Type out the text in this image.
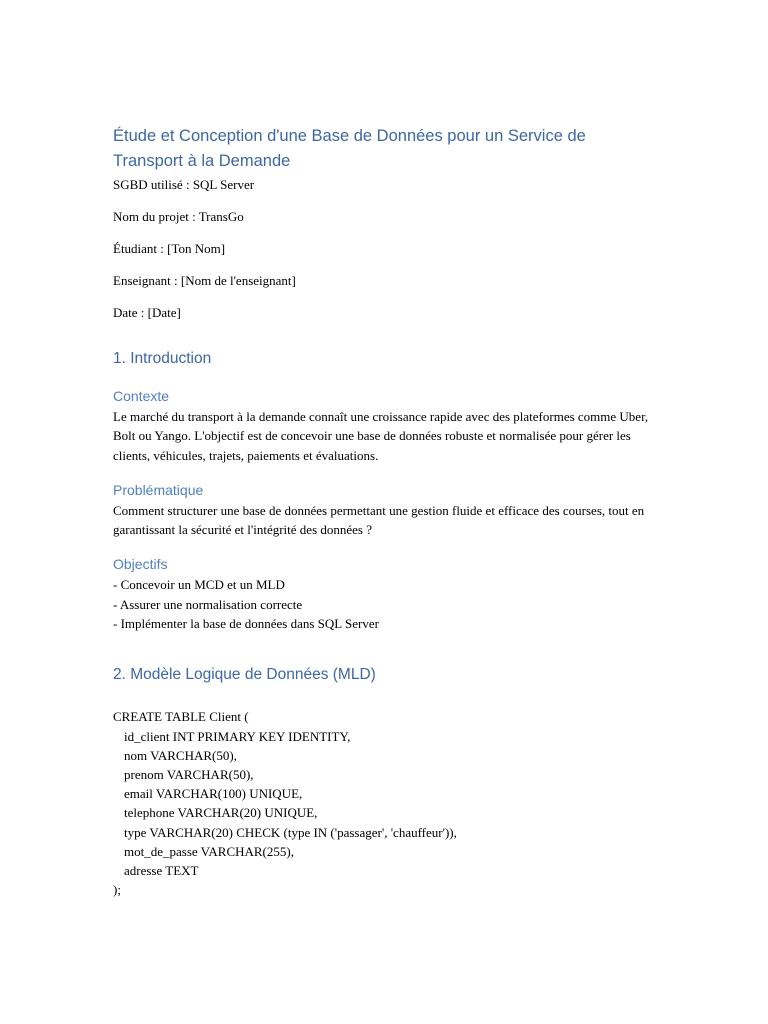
Étude et Conception d'une Base de Données pour un Service de Transport à la Demande

SGBD utilisé : SQL Server

Nom du projet : TransGo

Étudiant : [Ton Nom]

Enseignant : [Nom de l'enseignant]

Date : [Date]

1. Introduction
Contexte

Le marché du transport à la demande connaît une croissance rapide avec des plateformes comme Uber, Bolt ou Yango. L'objectif est de concevoir une base de données robuste et normalisée pour gérer les clients, véhicules, trajets, paiements et évaluations.

Problématique

Comment structurer une base de données permettant une gestion fluide et efficace des courses, tout en garantissant la sécurité et l'intégrité des données ?

Objectifs
- Concevoir un MCD et un MLD
- Assurer une normalisation correcte
- Implémenter la base de données dans SQL Server
2. Modèle Logique de Données (MLD)
CREATE TABLE Client (
id_client INT PRIMARY KEY IDENTITY,
nom VARCHAR(50),
prenom VARCHAR(50),
email VARCHAR(100) UNIQUE,
telephone VARCHAR(20) UNIQUE,
type VARCHAR(20) CHECK (type IN ('passager', 'chauffeur')),
mot_de_passe VARCHAR(255),
adresse TEXT
);
